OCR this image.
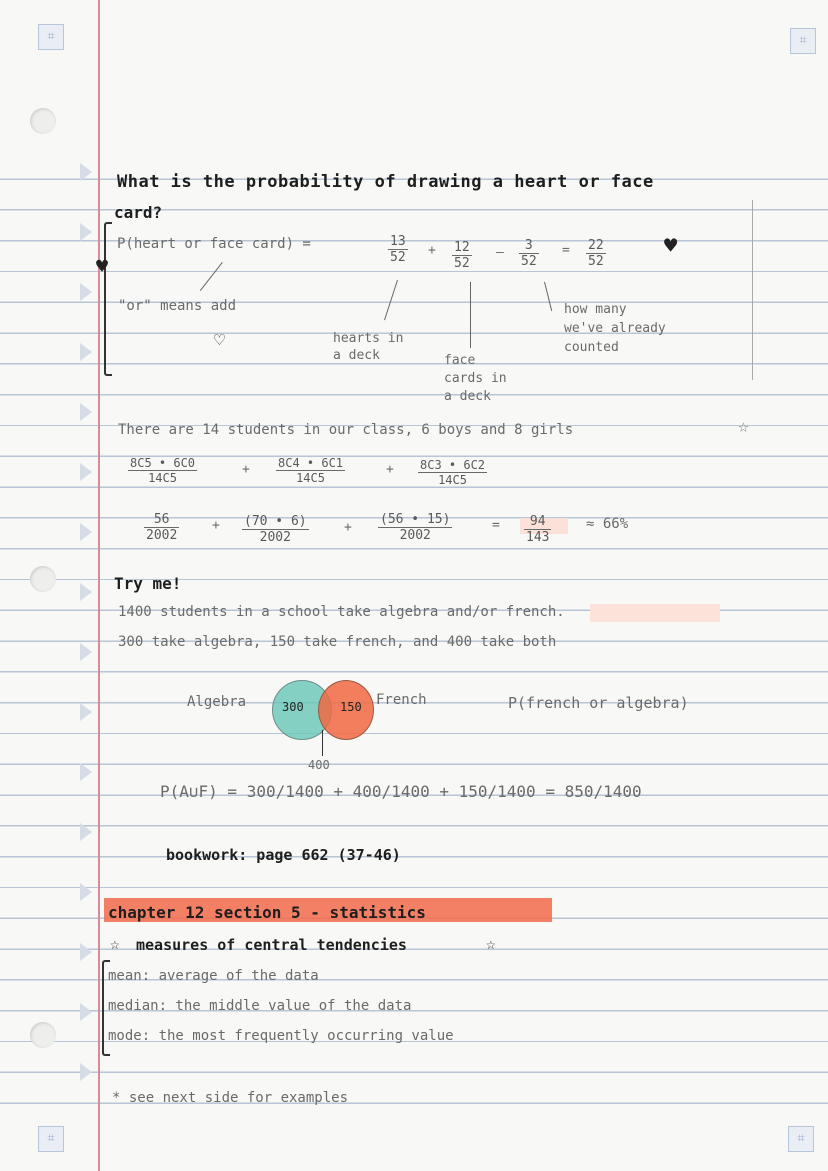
⌗	⌗
⌗	⌗
What is the probability of drawing a heart or face
card?
♥
♥
♡
P(heart or face card) =	$\frac{13}{52} + \frac{12}{52} - \frac{3}{52} = \frac{22}{52}$
"or" means add
hearts in
a deck	face
cards in
a deck
how many
we've already
counted
There are 14 students in our class, 6 boys and 8 girls	☆
$\frac{8C5 • 6C0}{14C5}$	+ $\frac{8C4 • 6C1}{14C5}$	+ $\frac{8C3 • 6C2}{14C5}$
$\frac{56}{2002}$	+ $\frac{(70 • 6)}{2002}$	+ $\frac{(56 • 15)}{2002}$	= $\frac{94}{143} \approx 66\%$
Try me!
1400 students in a school take algebra and/or french.
300 take algebra, 150 take french, and 400 take both
Algebra	300	150
400
French	P(french or algebra)
P(A∪F) = 300/1400 + 400/1400 + 150/1400 = 850/1400
bookwork: page 662 (37-46)
chapter 12 section 5 - statistics
☆ measures of central tendencies	☆
mean: average of the data
median: the middle value of the data
mode: the most frequently occurring value
* see next side for examples
